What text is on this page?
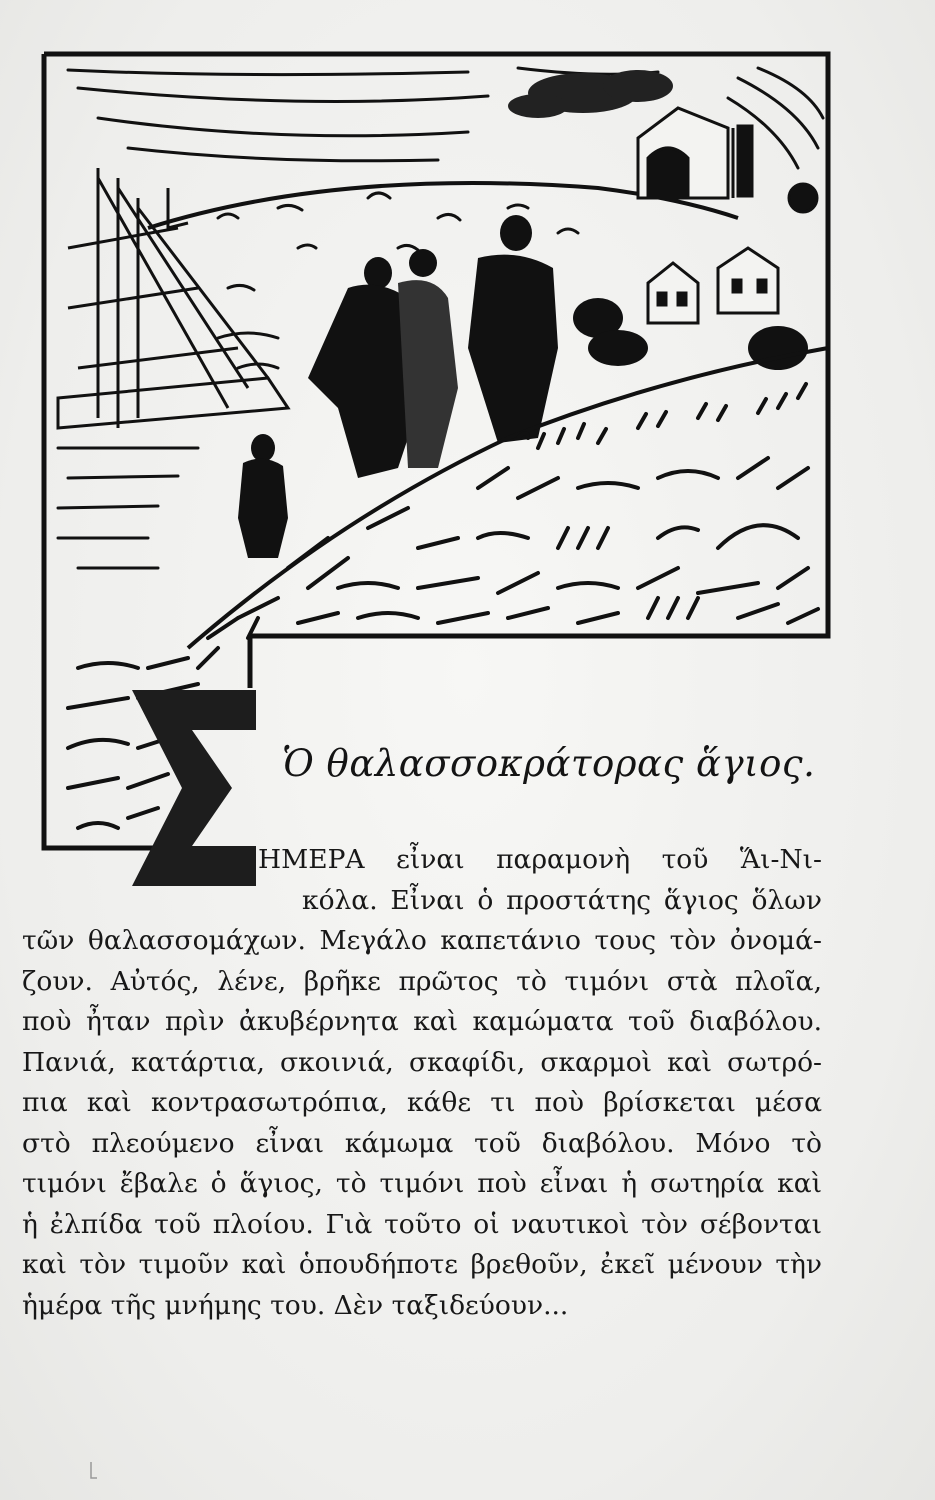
Ὁ θαλασσοκράτορας ἅγιος.
ΗΜΕΡΑ εἶναι παραμονὴ τοῦ Ἅι-Νι-
κόλα. Εἶναι ὁ προστάτης ἅγιος ὅλων
τῶν θαλασσομάχων. Μεγάλο καπετάνιο τους τὸν ὀνομά-
ζουν. Αὐτός, λένε, βρῆκε πρῶτος τὸ τιμόνι στὰ πλοῖα,
ποὺ ἦταν πρὶν ἀκυβέρνητα καὶ καμώματα τοῦ διαβόλου.
Πανιά, κατάρτια, σκοινιά, σκαφίδι, σκαρμοὶ καὶ σωτρό-
πια καὶ κοντρασωτρόπια, κάθε τι ποὺ βρίσκεται μέσα
στὸ πλεούμενο εἶναι κάμωμα τοῦ διαβόλου. Μόνο τὸ
τιμόνι ἔβαλε ὁ ἅγιος, τὸ τιμόνι ποὺ εἶναι ἡ σωτηρία καὶ
ἡ ἐλπίδα τοῦ πλοίου. Γιὰ τοῦτο οἱ ναυτικοὶ τὸν σέβονται
καὶ τὸν τιμοῦν καὶ ὁπουδήποτε βρεθοῦν, ἐκεῖ μένουν τὴν
ἡμέρα τῆς μνήμης του. Δὲν ταξιδεύουν...
